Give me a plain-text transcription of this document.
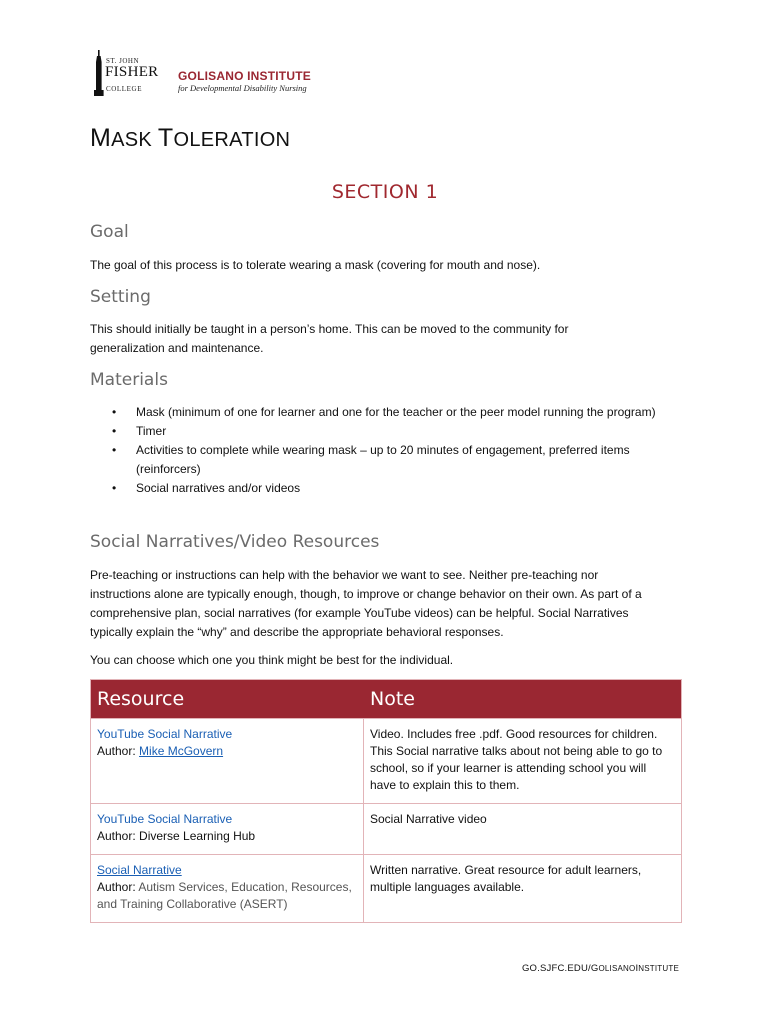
ST. JOHN
FISHER
COLLEGE
GOLISANO INSTITUTE
for Developmental Disability Nursing
MASK TOLERATION
SECTION 1
Goal

The goal of this process is to tolerate wearing a mask (covering for mouth and nose).

Setting

This should initially be taught in a person’s home. This can be moved to the community for generalization and maintenance.

Materials
• Mask (minimum of one for learner and one for the teacher or the peer model running the program)
• Timer
• Activities to complete while wearing mask – up to 20 minutes of engagement, preferred items (reinforcers)
• Social narratives and/or videos
Social Narratives/Video Resources

Pre-teaching or instructions can help with the behavior we want to see. Neither pre-teaching nor instructions alone are typically enough, though, to improve or change behavior on their own. As part of a comprehensive plan, social narratives (for example YouTube videos) can be helpful. Social Narratives typically explain the “why” and describe the appropriate behavioral responses.

You can choose which one you think might be best for the individual.

Resource	Note
YouTube Social Narrative
Author: Mike McGovern
Video. Includes free .pdf. Good resources for children. This Social narrative talks about not being able to go to school, so if your learner is attending school you will have to explain this to them.
YouTube Social Narrative
Author: Diverse Learning Hub
Social Narrative video
Social Narrative
Author: Autism Services, Education, Resources, and Training Collaborative (ASERT)
Written narrative. Great resource for adult learners, multiple languages available.
GO.SJFC.EDU/GOLISANOINSTITUTE
